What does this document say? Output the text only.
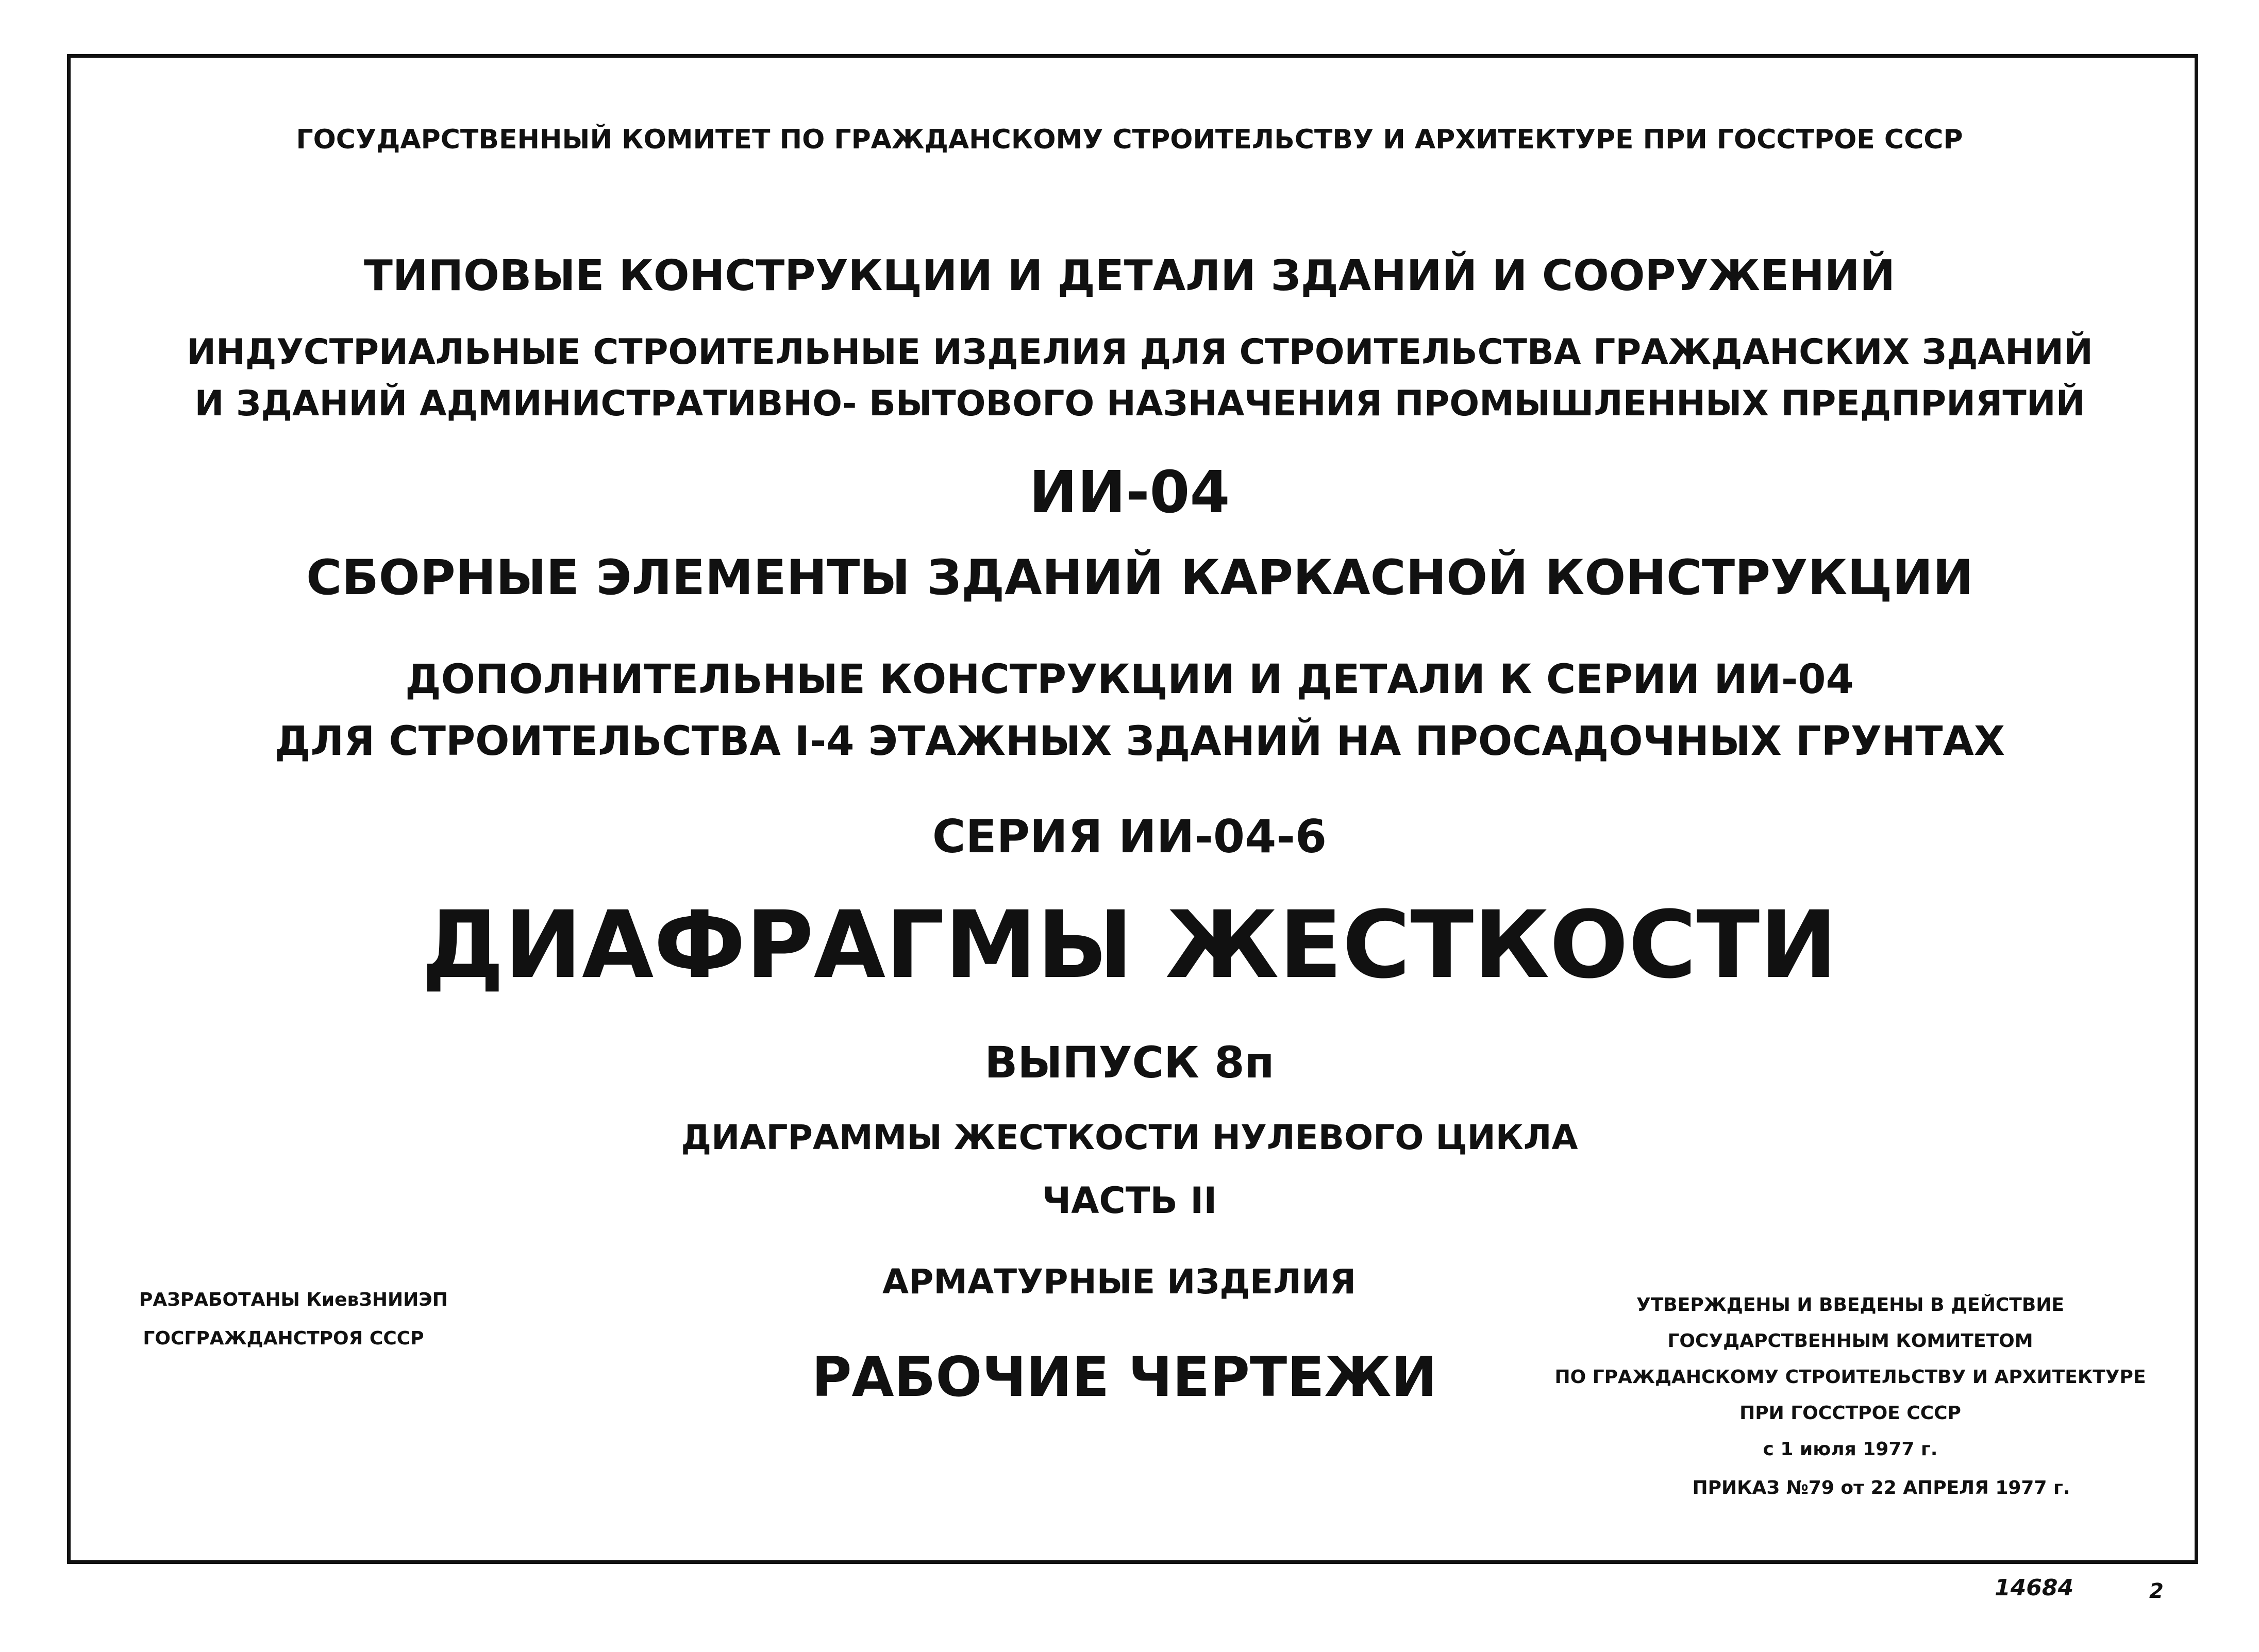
ГОСУДАРСТВЕННЫЙ КОМИТЕТ ПО ГРАЖДАНСКОМУ СТРОИТЕЛЬСТВУ И АРХИТЕКТУРЕ ПРИ ГОССТРОЕ СССР
ТИПОВЫЕ КОНСТРУКЦИИ И ДЕТАЛИ ЗДАНИЙ И СООРУЖЕНИЙ
ИНДУСТРИАЛЬНЫЕ СТРОИТЕЛЬНЫЕ ИЗДЕЛИЯ ДЛЯ СТРОИТЕЛЬСТВА ГРАЖДАНСКИХ ЗДАНИЙ
И ЗДАНИЙ АДМИНИСТРАТИВНО- БЫТОВОГО НАЗНАЧЕНИЯ ПРОМЫШЛЕННЫХ ПРЕДПРИЯТИЙ
ИИ-04
СБОРНЫЕ ЭЛЕМЕНТЫ ЗДАНИЙ КАРКАСНОЙ КОНСТРУКЦИИ
ДОПОЛНИТЕЛЬНЫЕ КОНСТРУКЦИИ И ДЕТАЛИ К СЕРИИ ИИ-04
ДЛЯ СТРОИТЕЛЬСТВА I-4 ЭТАЖНЫХ ЗДАНИЙ НА ПРОСАДОЧНЫХ ГРУНТАХ
СЕРИЯ ИИ-04-6
ДИАФРАГМЫ ЖЕСТКОСТИ
ВЫПУСК 8п
ДИАГРАММЫ ЖЕСТКОСТИ НУЛЕВОГО ЦИКЛА
ЧАСТЬ II
АРМАТУРНЫЕ ИЗДЕЛИЯ
РАБОЧИЕ ЧЕРТЕЖИ
РАЗРАБОТАНЫ КиевЗНИИЭП
ГОСГРАЖДАНСТРОЯ СССР
УТВЕРЖДЕНЫ И ВВЕДЕНЫ В ДЕЙСТВИЕ
ГОСУДАРСТВЕННЫМ КОМИТЕТОМ
ПО ГРАЖДАНСКОМУ СТРОИТЕЛЬСТВУ И АРХИТЕКТУРЕ
ПРИ ГОССТРОЕ СССР
с 1 июля 1977 г.
ПРИКАЗ №79 от 22 АПРЕЛЯ 1977 г.
14684	2
